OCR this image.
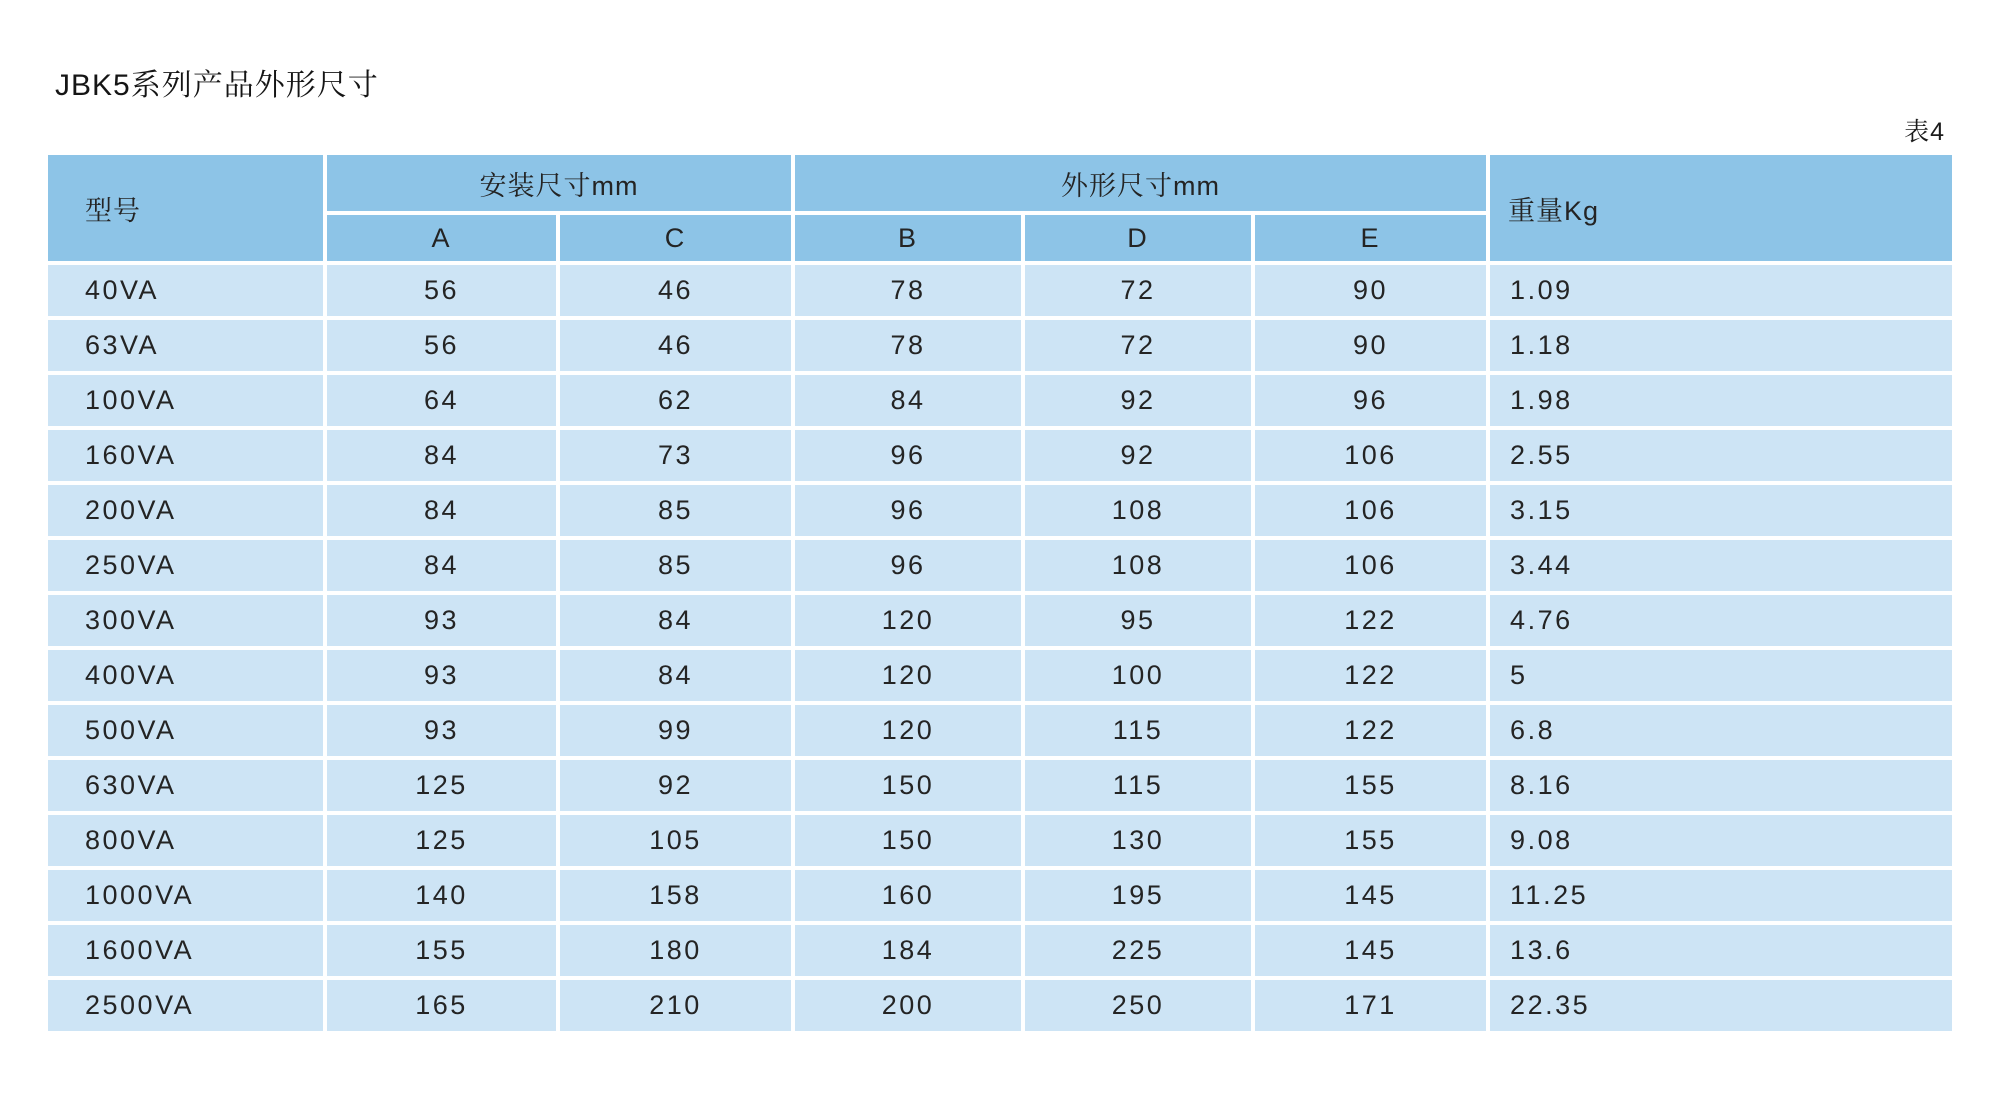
JBK5系列产品外形尺寸
表4
型号	安装尺寸mm		外形尺寸mm			重量Kg
	A	C	B	D	E	
40VA	56	46	78	72	90	1.09
63VA	56	46	78	72	90	1.18
100VA	64	62	84	92	96	1.98
160VA	84	73	96	92	106	2.55
200VA	84	85	96	108	106	3.15
250VA	84	85	96	108	106	3.44
300VA	93	84	120	95	122	4.76
400VA	93	84	120	100	122	5
500VA	93	99	120	115	122	6.8
630VA	125	92	150	115	155	8.16
800VA	125	105	150	130	155	9.08
1000VA	140	158	160	195	145	11.25
1600VA	155	180	184	225	145	13.6
2500VA	165	210	200	250	171	22.35
